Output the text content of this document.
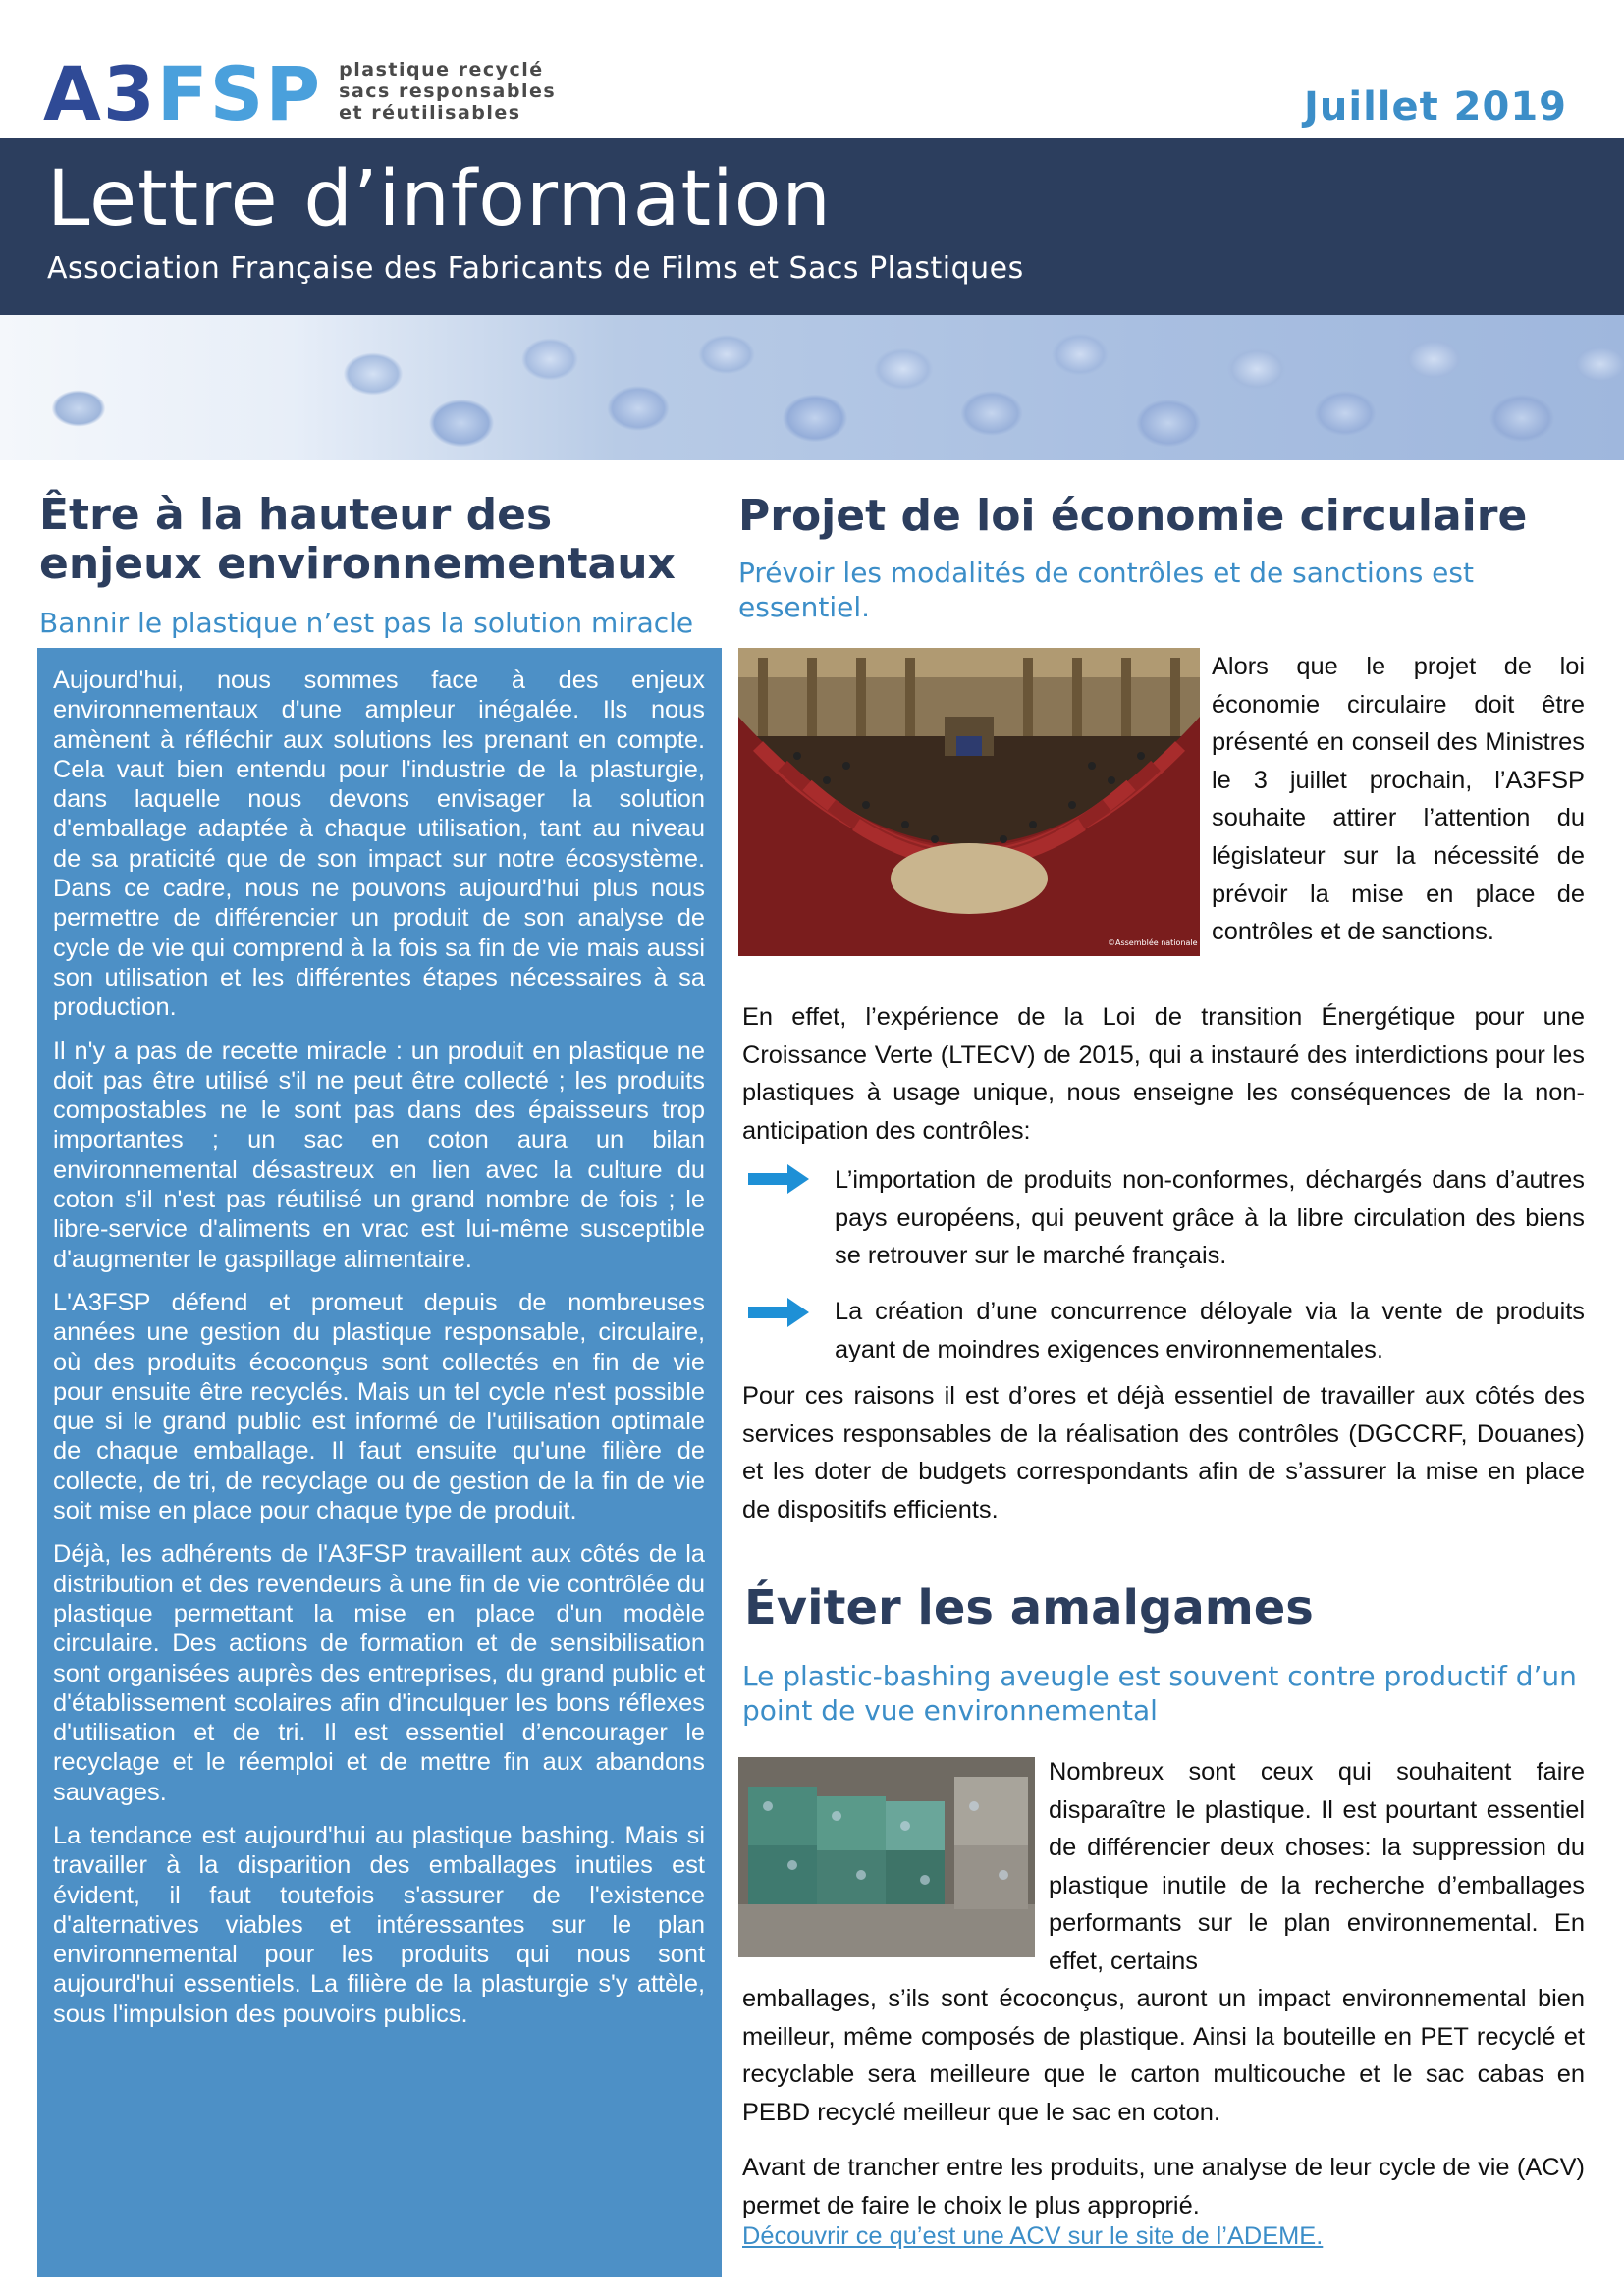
A3FSP plastique recyclé
sacs responsables
et réutilisables	Juillet 2019
Lettre d’information
Association Française des Fabricants de Films et Sacs Plastiques
Être à la hauteur des enjeux environnementaux
Bannir le plastique n’est pas la solution miracle

Aujourd'hui, nous sommes face à des enjeux environnementaux d'une ampleur inégalée. Ils nous amènent à réfléchir aux solutions les prenant en compte. Cela vaut bien entendu pour l'industrie de la plasturgie, dans laquelle nous devons envisager la solution d'emballage adaptée à chaque utilisation, tant au niveau de sa praticité que de son impact sur notre écosystème. Dans ce cadre, nous ne pouvons aujourd'hui plus nous permettre de différencier un produit de son analyse de cycle de vie qui comprend à la fois sa fin de vie mais aussi son utilisation et les différentes étapes nécessaires à sa production.

Il n'y a pas de recette miracle : un produit en plastique ne doit pas être utilisé s'il ne peut être collecté ; les produits compostables ne le sont pas dans des épaisseurs trop importantes ; un sac en coton aura un bilan environnemental désastreux en lien avec la culture du coton s'il n'est pas réutilisé un grand nombre de fois ; le libre-service d'aliments en vrac est lui-même susceptible d'augmenter le gaspillage alimentaire.

L'A3FSP défend et promeut depuis de nombreuses années une gestion du plastique responsable, circulaire, où des produits écoconçus sont collectés en fin de vie pour ensuite être recyclés. Mais un tel cycle n'est possible que si le grand public est informé de l'utilisation optimale de chaque emballage. Il faut ensuite qu'une filière de collecte, de tri, de recyclage ou de gestion de la fin de vie soit mise en place pour chaque type de produit.

Déjà, les adhérents de l'A3FSP travaillent aux côtés de la distribution et des revendeurs à une fin de vie contrôlée du plastique permettant la mise en place d'un modèle circulaire. Des actions de formation et de sensibilisation sont organisées auprès des entreprises, du grand public et d'établissement scolaires afin d'inculquer les bons réflexes d'utilisation et de tri. Il est essentiel d’encourager le recyclage et le réemploi et de mettre fin aux abandons sauvages.

La tendance est aujourd'hui au plastique bashing. Mais si travailler à la disparition des emballages inutiles est évident, il faut toutefois s'assurer de l'existence d'alternatives viables et intéressantes sur le plan environnemental pour les produits qui nous sont aujourd'hui essentiels. La filière de la plasturgie s'y attèle, sous l'impulsion des pouvoirs publics.

Projet de loi économie circulaire
Prévoir les modalités de contrôles et de sanctions est essentiel.
©Assemblée nationale
Alors que le projet de loi économie circulaire doit être présenté en conseil des Ministres le 3 juillet prochain, l’A3FSP souhaite attirer l’attention du législateur sur la nécessité de prévoir la mise en place de contrôles et de sanctions.
En effet, l’expérience de la Loi de transition Énergétique pour une Croissance Verte (LTECV) de 2015, qui a instauré des interdictions pour les plastiques à usage unique, nous enseigne les conséquences de la non-anticipation des contrôles:
L’importation de produits non-conformes, déchargés dans d’autres pays européens, qui peuvent grâce à la libre circulation des biens se retrouver sur le marché français.
La création d’une concurrence déloyale via la vente de produits ayant de moindres exigences environnementales.
Pour ces raisons il est d’ores et déjà essentiel de travailler aux côtés des services responsables de la réalisation des contrôles (DGCCRF, Douanes) et les doter de budgets correspondants afin de s’assurer la mise en place de dispositifs efficients.
Éviter les amalgames
Le plastic-bashing aveugle est souvent contre productif d’un point de vue environnemental
Nombreux sont ceux qui souhaitent faire disparaître le plastique. Il est pourtant essentiel de différencier deux choses: la suppression du plastique inutile de la recherche d’emballages performants sur le plan environnemental. En effet, certains
emballages, s’ils sont écoconçus, auront un impact environnemental bien meilleur, même composés de plastique. Ainsi la bouteille en PET recyclé et recyclable sera meilleure que le carton multicouche et le sac cabas en PEBD recyclé meilleur que le sac en coton.
Avant de trancher entre les produits, une analyse de leur cycle de vie (ACV) permet de faire le choix le plus approprié.
Découvrir ce qu’est une ACV sur le site de l’ADEME.
